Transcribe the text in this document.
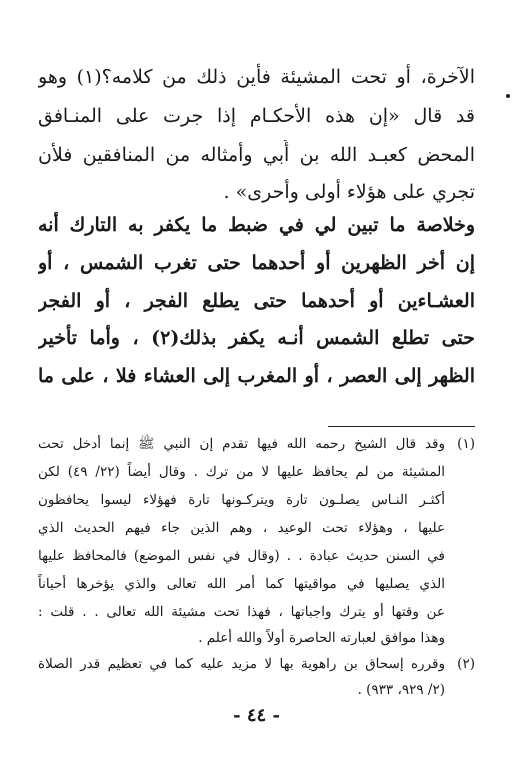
الآخرة، أو تحت المشيئة فأين ذلك من كلامه؟(١) وهو
قد قال «إن هذه الأحكـام إذا جرت على المنـافق
المحض كعبـد الله بن أُبي وأمثاله من المنافقين فلأن
تجري على هؤلاء أولى وأحرى» .
وخلاصة ما تبين لي في ضبط ما يكفر به التارك أنه
إن أخر الظهرين أو أحدهما حتى تغرب الشمس ، أو
العشـاءين أو أحدهما حتى يطلع الفجر ، أو الفجر
حتى تطلع الشمس أنـه يكفر بذلك(٢) ، وأما تأخير
الظهر إلى العصر ، أو المغرب إلى العشاء فلا ، على ما
(١)
وقد قال الشيخ رحمه الله فيها تقدم إن النبي ﷺ إنما أدخل تحت
المشيئة من لم يحافظ عليها لا من ترك . وقال أيضاً (٢٢/ ٤٩) لكن
أكثـر النـاس يصلـون تارة ويتركـونها تارة فهؤلاء ليسوا يحافظون
عليها ، وهؤلاء تحت الوعيد ، وهم الذين جاء فيهم الحديث الذي
في السنن حديث عبادة . . (وقال في نفس الموضع) فالمحافظ عليها
الذي يصليها في مواقيتها كما أمر الله تعالى والذي يؤخرها أحياناً
عن وقتها أو يترك واجباتها ، فهذا تحت مشيئة الله تعالى . . قلت :
وهذا موافق لعبارته الحاصرة أولاً والله أعلم .
(٢)
وقرره إسحاق بن راهوية بها لا مزيد عليه كما في تعظيم قدر الصلاة
(٢/ ٩٢٩، ٩٣٣) .
- ٤٤ -
